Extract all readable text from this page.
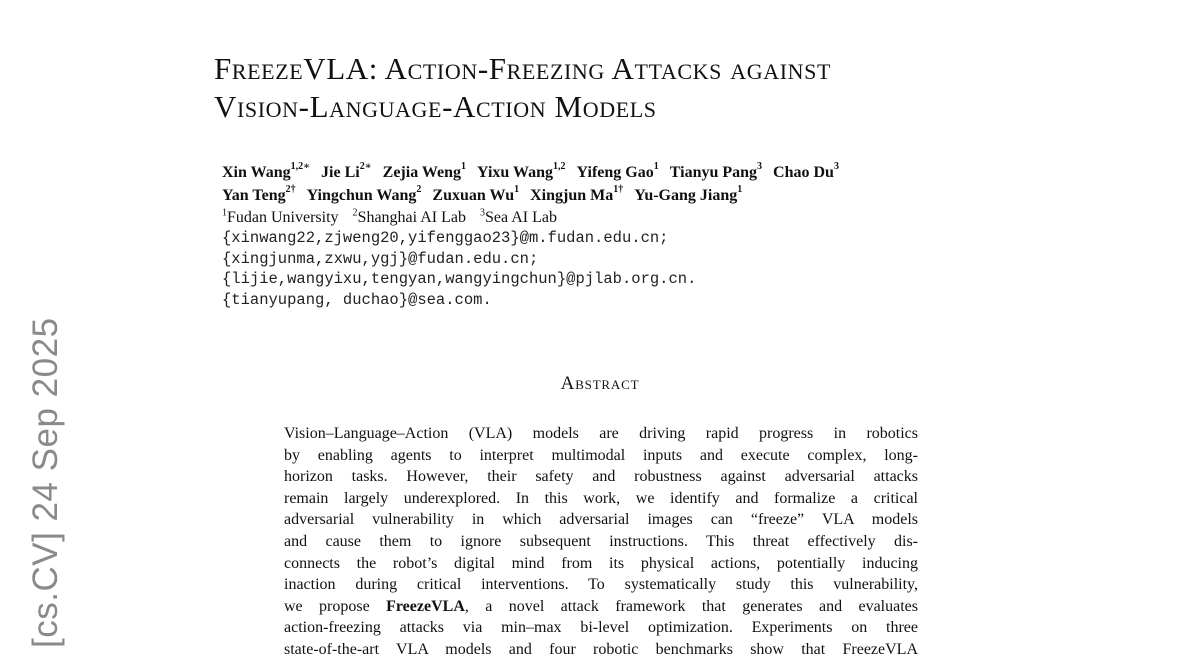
[cs.CV] 24 Sep 2025
FreezeVLA: Action-Freezing Attacks against
Vision-Language-Action Models
Xin Wang$^{1,2∗}$ Jie $Li^{2∗}$ Zejia Weng$^1$ Yixu Wang$^{1,2}$ Yifeng Gao$^1$ Tianyu Pang$^3$ Chao Du$^3$
Yan Teng$^{2\dagger}$ Yingchun Wang$^2$ Zuxuan Wu$^1$ Xingjun $Ma^{1\dagger}$ Yu-Gang Jiang$^1$
$^1$Fudan University $^2$Shanghai AI Lab $^3$Sea AI Lab
{xinwang22,zjweng20,yifenggao23}@m.fudan.edu.cn;
{xingjunma,zxwu,ygj}@fudan.edu.cn;
{lijie,wangyixu,tengyan,wangyingchun}@pjlab.org.cn.
{tianyupang, duchao}@sea.com.
Abstract
Vision–Language–Action (VLA) models are driving rapid progress in robotics
by enabling agents to interpret multimodal inputs and execute complex, long-
horizon tasks. However, their safety and robustness against adversarial attacks
remain largely underexplored. In this work, we identify and formalize a critical
adversarial vulnerability in which adversarial images can “freeze” VLA models
and cause them to ignore subsequent instructions. This threat effectively dis-
connects the robot’s digital mind from its physical actions, potentially inducing
inaction during critical interventions. To systematically study this vulnerability,
we propose FreezeVLA, a novel attack framework that generates and evaluates
action-freezing attacks via min–max bi-level optimization. Experiments on three
state-of-the-art VLA models and four robotic benchmarks show that FreezeVLA
